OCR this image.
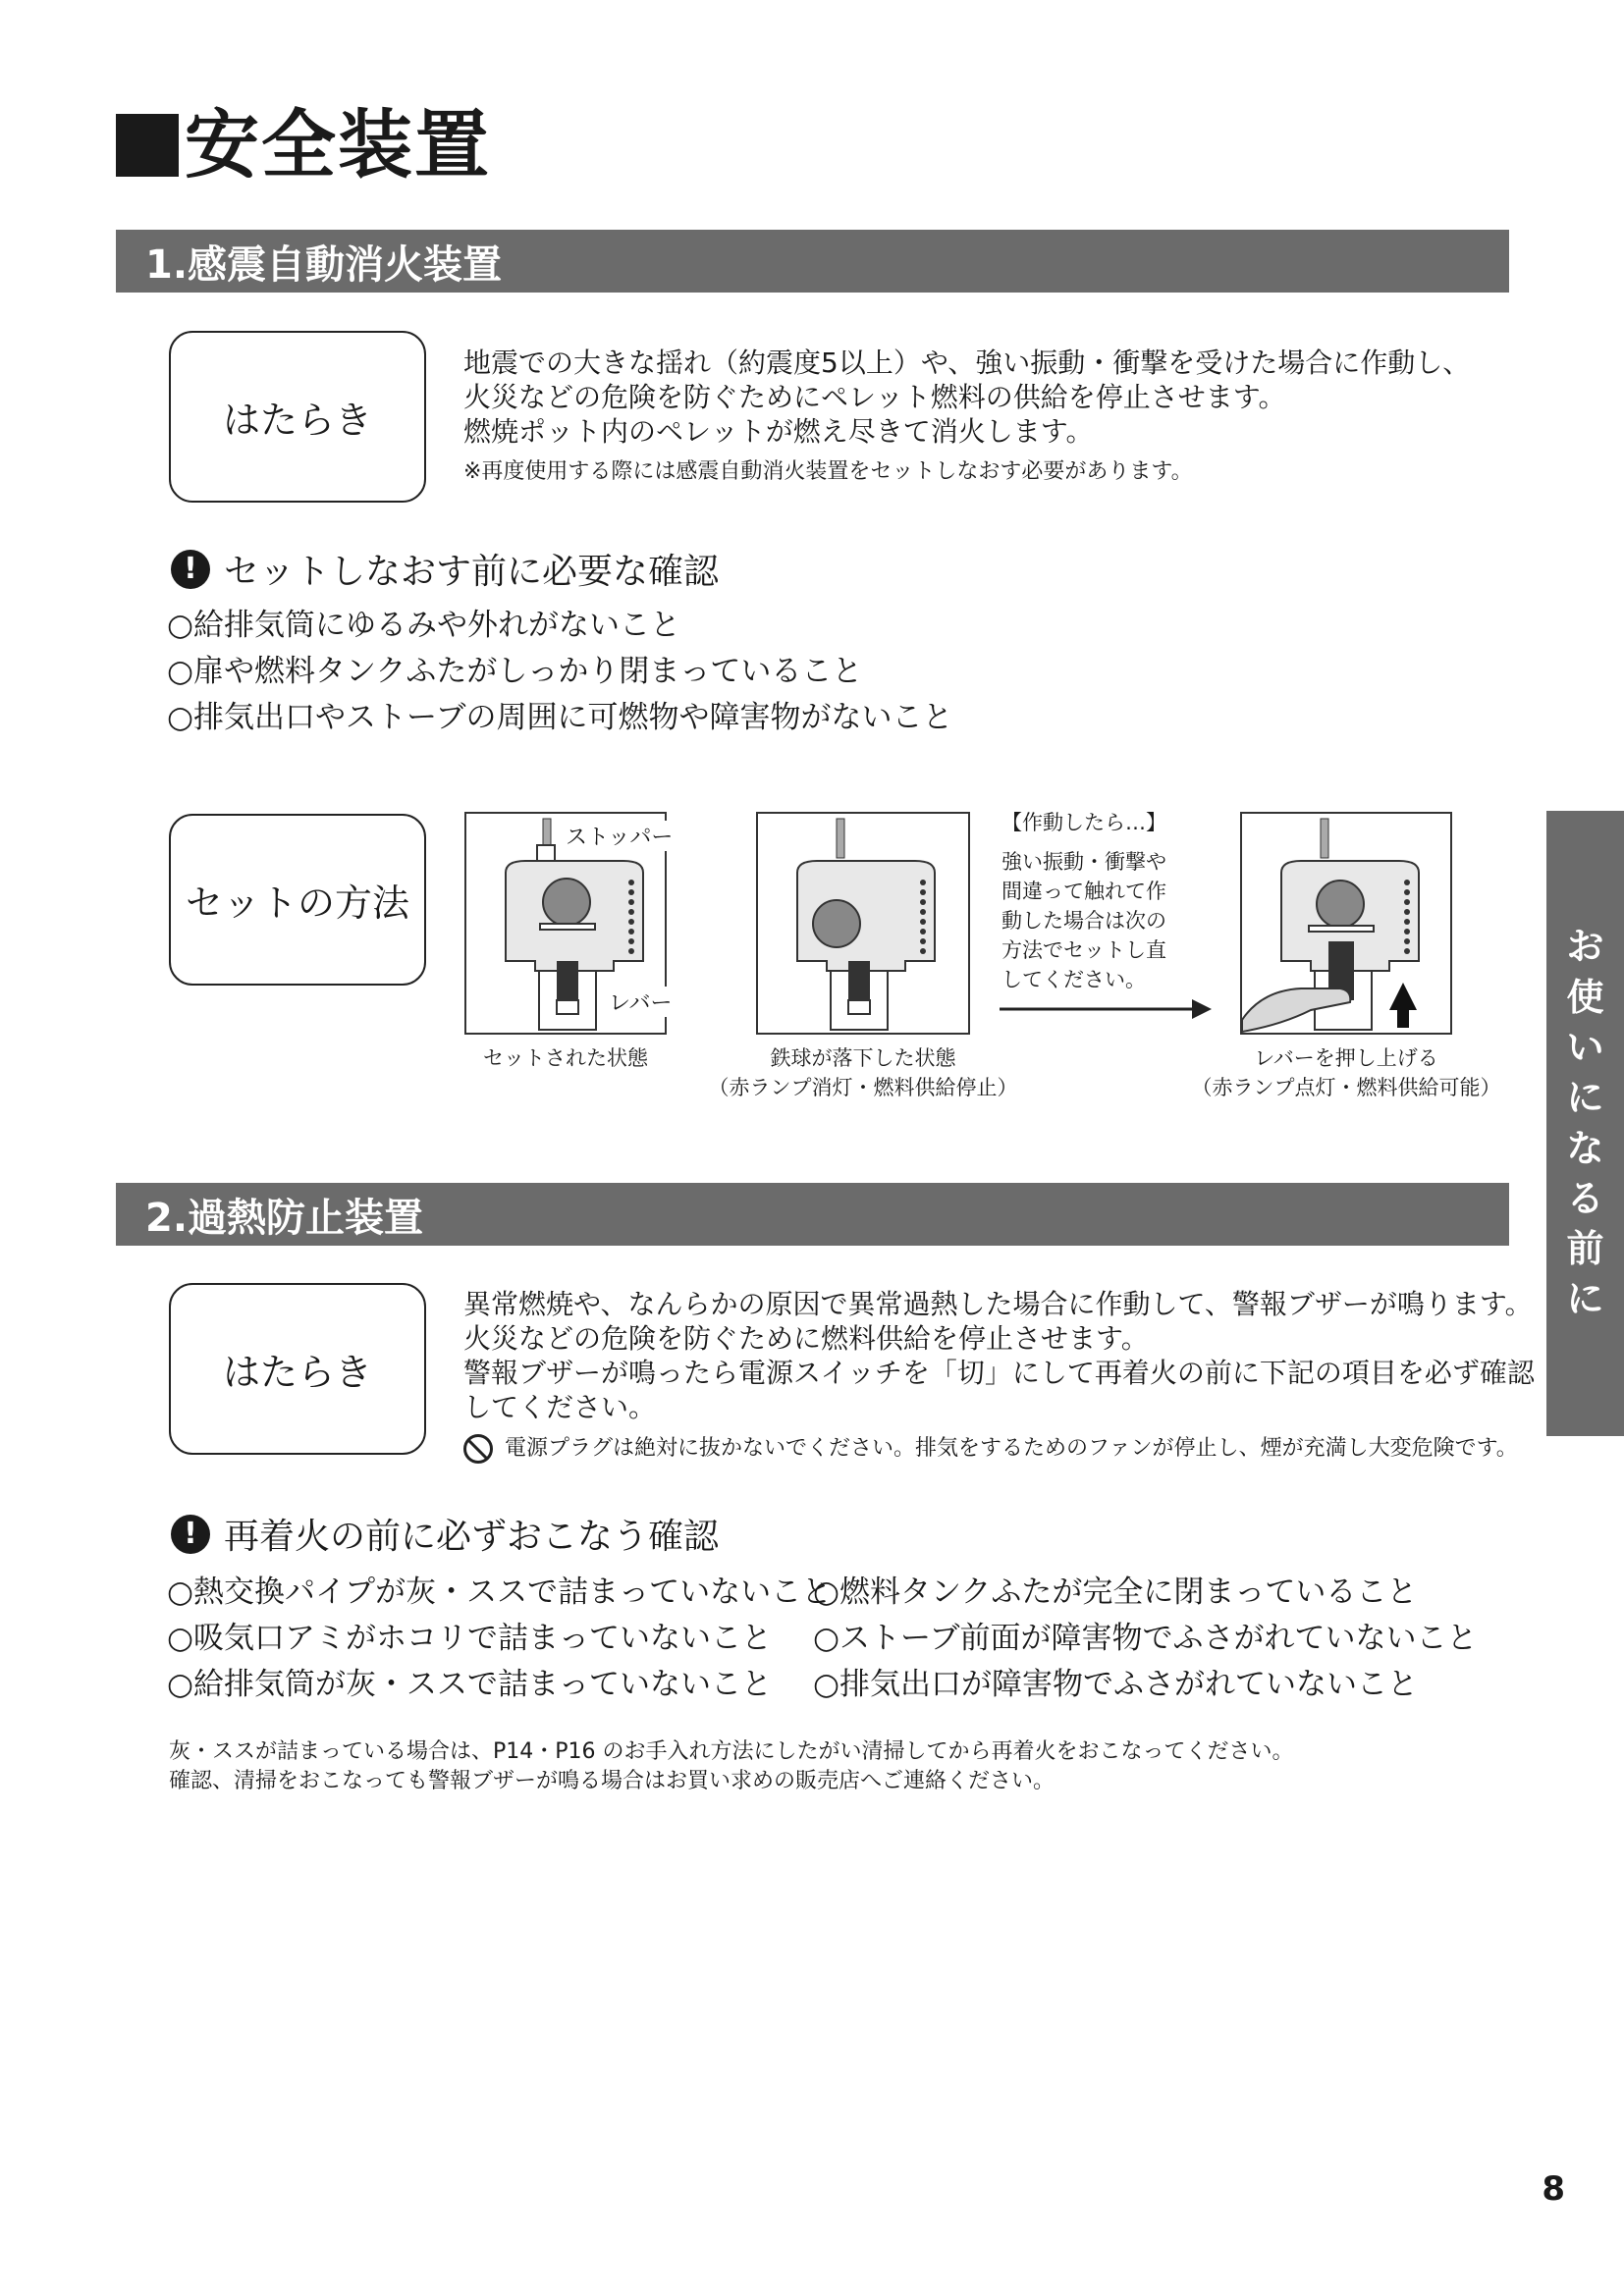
安全装置
1.感震自動消火装置
はたらき
地震での大きな揺れ（約震度5以上）や、強い振動・衝撃を受けた場合に作動し、
火災などの危険を防ぐためにペレット燃料の供給を停止させます。
燃焼ポット内のペレットが燃え尽きて消火します。
※再度使用する際には感震自動消火装置をセットしなおす必要があります。
! セットしなおす前に必要な確認
○給排気筒にゆるみや外れがないこと
○扉や燃料タンクふたがしっかり閉まっていること
○排気出口やストーブの周囲に可燃物や障害物がないこと
セットの方法
ストッパー
レバー
セットされた状態	鉄球が落下した状態
（赤ランプ消灯・燃料供給停止）
【作動したら…】
強い振動・衝撃や
間違って触れて作
動した場合は次の
方法でセットし直
してください。
レバーを押し上げる
（赤ランプ点灯・燃料供給可能）
2.過熱防止装置
はたらき
異常燃焼や、なんらかの原因で異常過熱した場合に作動して、警報ブザーが鳴ります。
火災などの危険を防ぐために燃料供給を停止させます。
警報ブザーが鳴ったら電源スイッチを「切」にして再着火の前に下記の項目を必ず確認
してください。
電源プラグは絶対に抜かないでください。排気をするためのファンが停止し、煙が充満し大変危険です。
! 再着火の前に必ずおこなう確認
○熱交換パイプが灰・ススで詰まっていないこと
○吸気口アミがホコリで詰まっていないこと
○給排気筒が灰・ススで詰まっていないこと
○燃料タンクふたが完全に閉まっていること
○ストーブ前面が障害物でふさがれていないこと
○排気出口が障害物でふさがれていないこと
灰・ススが詰まっている場合は、P14・P16 のお手入れ方法にしたがい清掃してから再着火をおこなってください。
確認、清掃をおこなっても警報ブザーが鳴る場合はお買い求めの販売店へご連絡ください。
お
使
い
に
な
る
前
に
8
